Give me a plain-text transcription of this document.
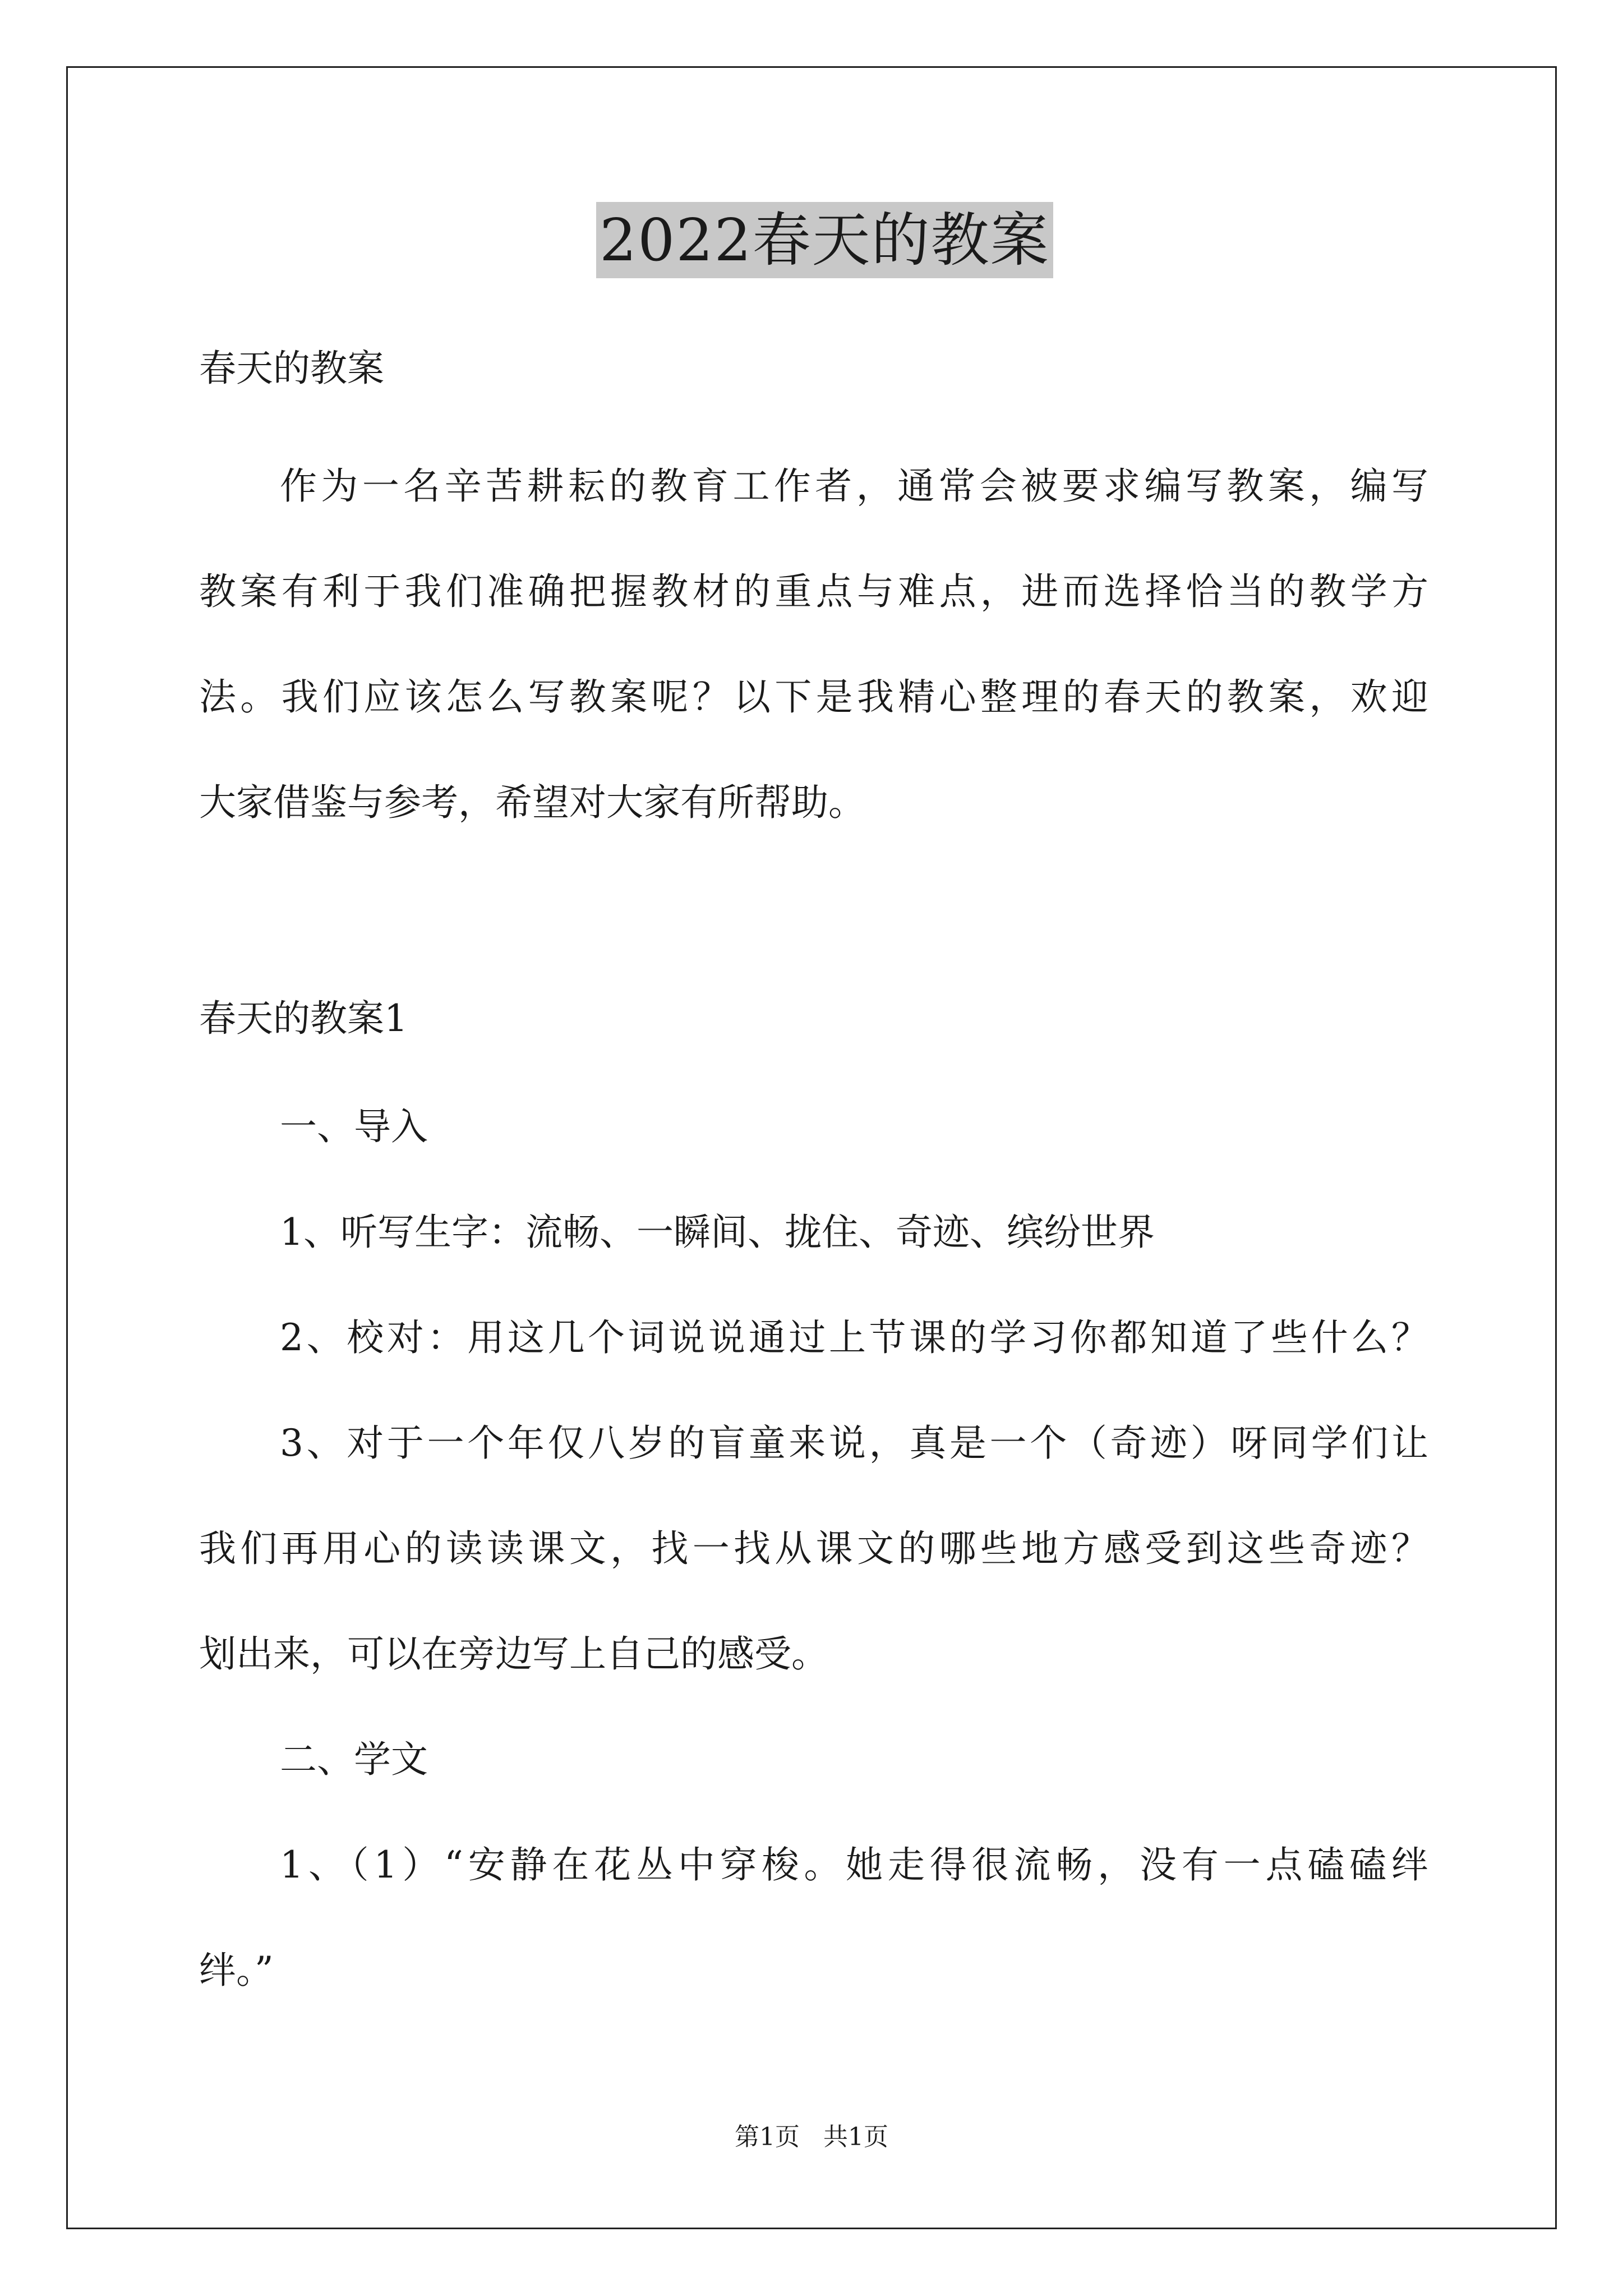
2022春天的教案
春天的教案
作为一名辛苦耕耘的教育工作者，通常会被要求编写教案，编写
教案有利于我们准确把握教材的重点与难点，进而选择恰当的教学方
法。我们应该怎么写教案呢？以下是我精心整理的春天的教案，欢迎
大家借鉴与参考，希望对大家有所帮助。
春天的教案1
一、导入
1、听写生字：流畅、一瞬间、拢住、奇迹、缤纷世界
2、校对：用这几个词说说通过上节课的学习你都知道了些什么？
3、对于一个年仅八岁的盲童来说，真是一个（奇迹）呀同学们让
我们再用心的读读课文，找一找从课文的哪些地方感受到这些奇迹？
划出来，可以在旁边写上自己的感受。
二、学文
1、（1）“安静在花丛中穿梭。她走得很流畅，没有一点磕磕绊
绊。”
第1页   共1页
